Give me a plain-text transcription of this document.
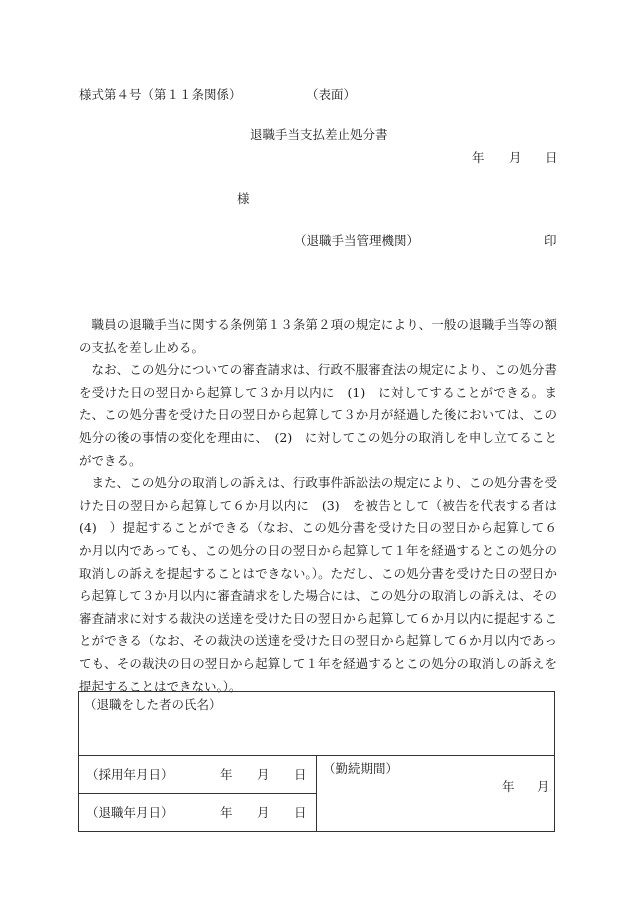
様式第４号（第１１条関係）	（表面）
退職手当支払差止処分書
年 月 日
様
（退職手当管理機関）	印

職員の退職手当に関する条例第１３条第２項の規定により、一般の退職手当等の額の支払を差し止める。

なお、この処分についての審査請求は、行政不服審査法の規定により、この処分書を受けた日の翌日から起算して３か月以内に　(1)　に対してすることができる。また、この処分書を受けた日の翌日から起算して３か月が経過した後においては、この処分の後の事情の変化を理由に、　(2)　に対してこの処分の取消しを申し立てることができる。

また、この処分の取消しの訴えは、行政事件訴訟法の規定により、この処分書を受けた日の翌日から起算して６か月以内に　(3)　を被告として（被告を代表する者は (4)　）提起することができる（なお、この処分書を受けた日の翌日から起算して６か月以内であっても、この処分の日の翌日から起算して１年を経過するとこの処分の取消しの訴えを提起することはできない。）。ただし、この処分書を受けた日の翌日から起算して３か月以内に審査請求をした場合には、この処分の取消しの訴えは、その審査請求に対する裁決の送達を受けた日の翌日から起算して６か月以内に提起することができる（なお、その裁決の送達を受けた日の翌日から起算して６か月以内であっても、その裁決の日の翌日から起算して１年を経過するとこの処分の取消しの訴えを提起することはできない。）。

（退職をした者の氏名）
（採用年月日）	年 月 日
（退職年月日）	年 月 日
（勤続期間）
年 月
